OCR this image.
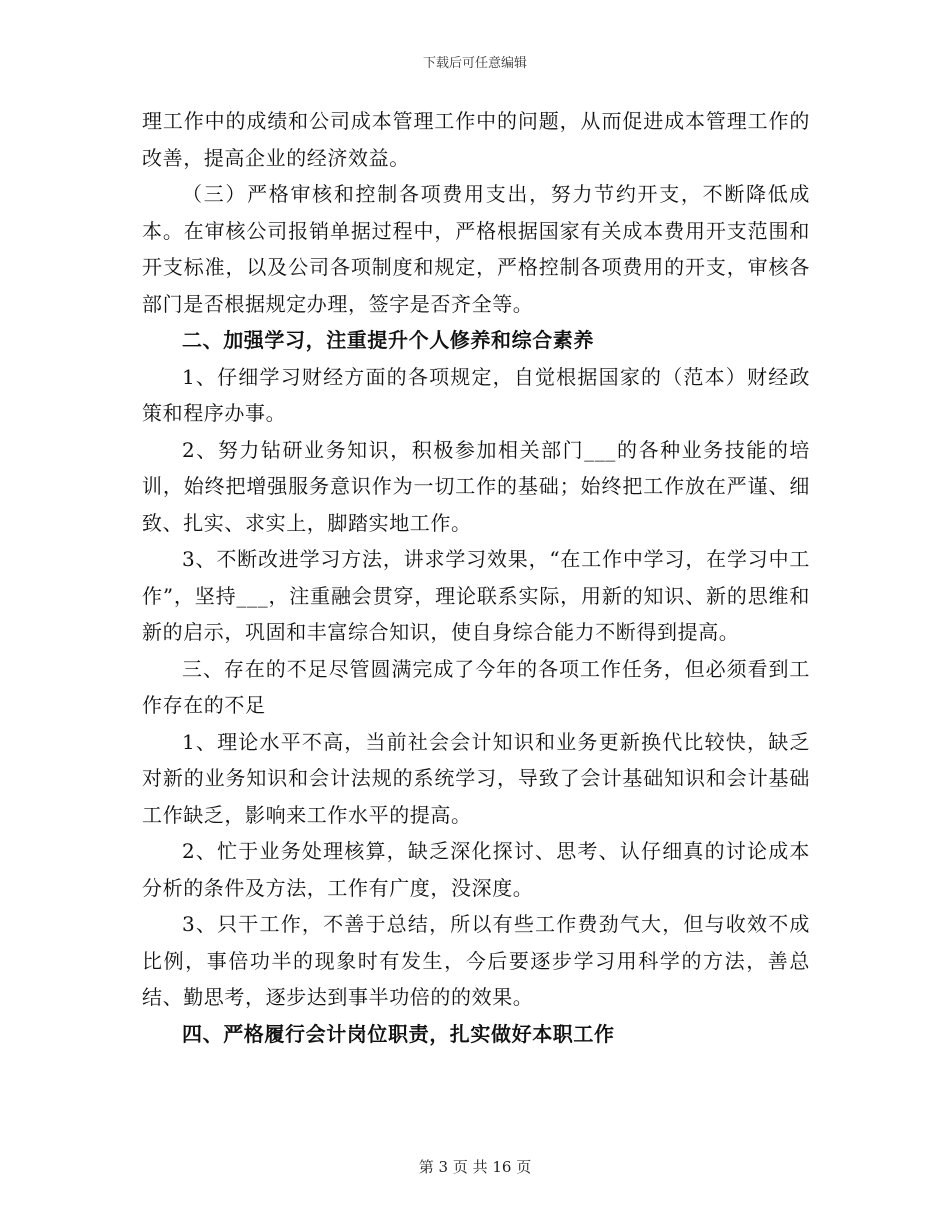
下载后可任意编辑

理工作中的成绩和公司成本管理工作中的问题，从而促进成本管理工作的改善，提高企业的经济效益。

（三）严格审核和控制各项费用支出，努力节约开支，不断降低成本。在审核公司报销单据过程中，严格根据国家有关成本费用开支范围和开支标准，以及公司各项制度和规定，严格控制各项费用的开支，审核各部门是否根据规定办理，签字是否齐全等。

二、加强学习，注重提升个人修养和综合素养

1、仔细学习财经方面的各项规定，自觉根据国家的（范本）财经政策和程序办事。

2、努力钻研业务知识，积极参加相关部门___的各种业务技能的培训，始终把增强服务意识作为一切工作的基础；始终把工作放在严谨、细致、扎实、求实上，脚踏实地工作。

3、不断改进学习方法，讲求学习效果，“在工作中学习，在学习中工作”，坚持___，注重融会贯穿，理论联系实际，用新的知识、新的思维和新的启示，巩固和丰富综合知识，使自身综合能力不断得到提高。

三、存在的不足尽管圆满完成了今年的各项工作任务，但必须看到工作存在的不足

1、理论水平不高，当前社会会计知识和业务更新换代比较快，缺乏对新的业务知识和会计法规的系统学习，导致了会计基础知识和会计基础工作缺乏，影响来工作水平的提高。

2、忙于业务处理核算，缺乏深化探讨、思考、认仔细真的讨论成本分析的条件及方法，工作有广度，没深度。

3、只干工作，不善于总结，所以有些工作费劲气大，但与收效不成比例，事倍功半的现象时有发生，今后要逐步学习用科学的方法，善总结、勤思考，逐步达到事半功倍的的效果。

四、严格履行会计岗位职责，扎实做好本职工作

第 3 页 共 16 页
